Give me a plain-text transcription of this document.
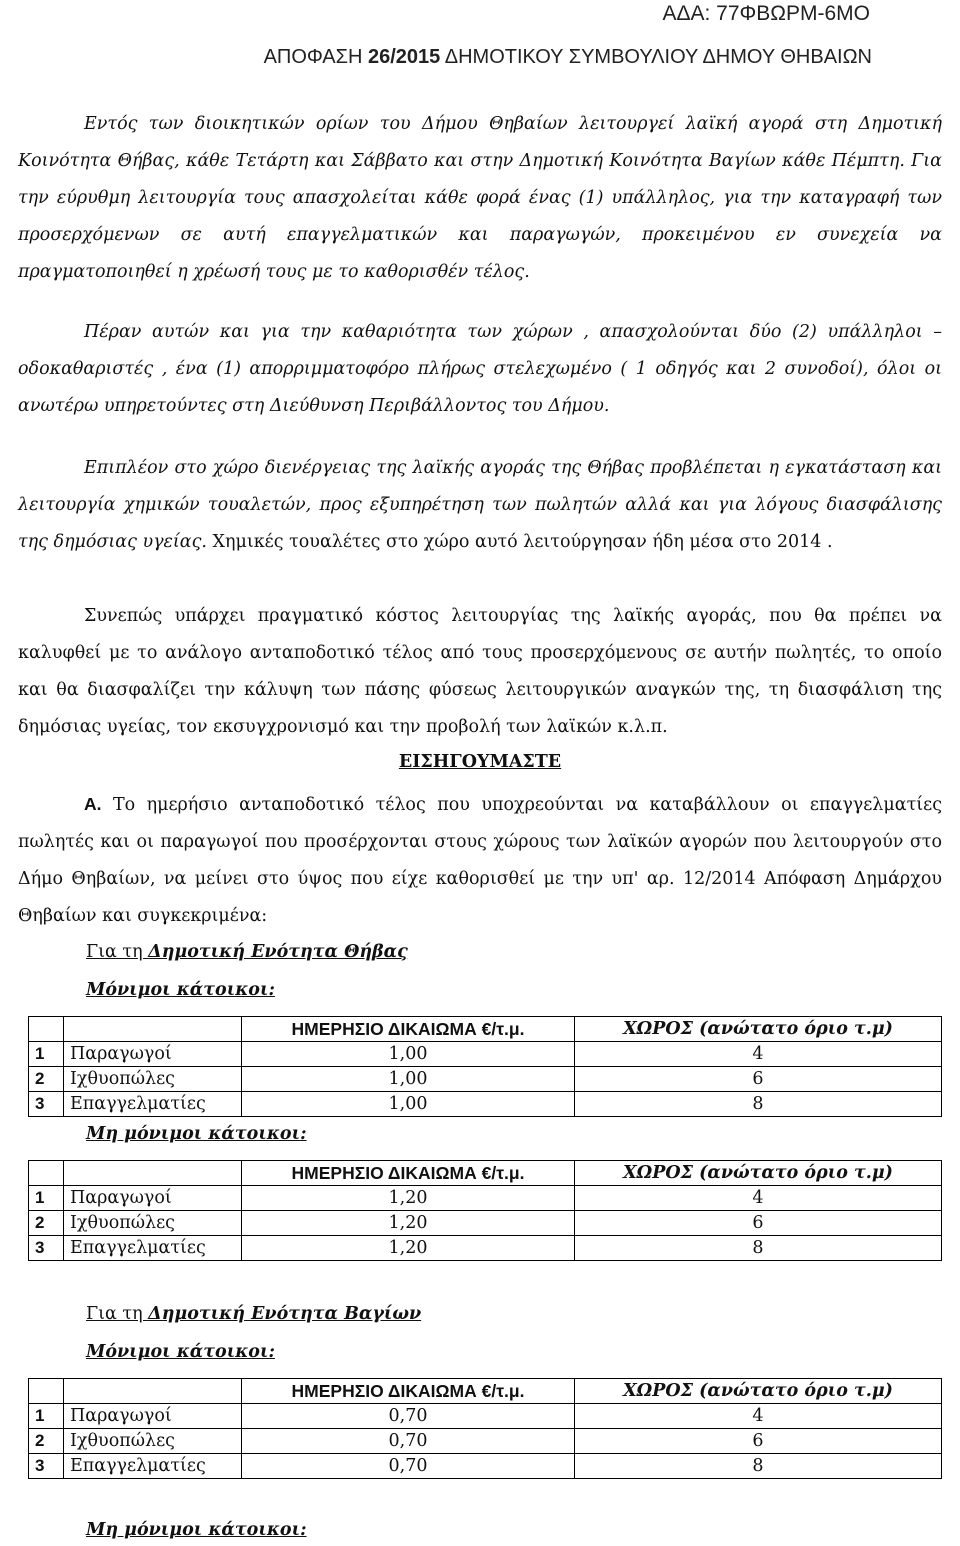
ΑΔΑ: 77ΦΒΩΡΜ-6ΜΟ
ΑΠΟΦΑΣΗ 26/2015 ΔΗΜΟΤΙΚΟΥ ΣΥΜΒΟΥΛΙΟΥ ΔΗΜΟΥ ΘΗΒΑΙΩΝ
Εντός των διοικητικών ορίων του Δήμου Θηβαίων λειτουργεί λαϊκή αγορά στη Δημοτική Κοινότητα Θήβας, κάθε Τετάρτη και Σάββατο και στην Δημοτική Κοινότητα Βαγίων κάθε Πέμπτη. Για την εύρυθμη λειτουργία τους απασχολείται κάθε φορά ένας (1) υπάλληλος, για την καταγραφή των προσερχόμενων σε αυτή επαγγελματικών και παραγωγών, προκειμένου εν συνεχεία να πραγματοποιηθεί η χρέωσή τους με το καθορισθέν τέλος.
Πέραν αυτών και για την καθαριότητα των χώρων , απασχολούνται δύο (2) υπάλληλοι – οδοκαθαριστές , ένα (1) απορριμματοφόρο πλήρως στελεχωμένο ( 1 οδηγός και 2 συνοδοί), όλοι οι ανωτέρω υπηρετούντες στη Διεύθυνση Περιβάλλοντος του Δήμου.
Επιπλέον στο χώρο διενέργειας της λαϊκής αγοράς της Θήβας προβλέπεται η εγκατάσταση και λειτουργία χημικών τουαλετών, προς εξυπηρέτηση των πωλητών αλλά και για λόγους διασφάλισης της δημόσιας υγείας. Χημικές τουαλέτες στο χώρο αυτό λειτούργησαν ήδη μέσα στο 2014 .
Συνεπώς υπάρχει πραγματικό κόστος λειτουργίας της λαϊκής αγοράς, που θα πρέπει να καλυφθεί με το ανάλογο ανταποδοτικό τέλος από τους προσερχόμενους σε αυτήν πωλητές, το οποίο και θα διασφαλίζει την κάλυψη των πάσης φύσεως λειτουργικών αναγκών της, τη διασφάλιση της δημόσιας υγείας, τον εκσυγχρονισμό και την προβολή των λαϊκών κ.λ.π.
ΕΙΣΗΓΟΥΜΑΣΤΕ
Α. Το ημερήσιο ανταποδοτικό τέλος που υποχρεούνται να καταβάλλουν οι επαγγελματίες πωλητές και οι παραγωγοί που προσέρχονται στους χώρους των λαϊκών αγορών που λειτουργούν στο Δήμο Θηβαίων, να μείνει στο ύψος που είχε καθορισθεί με την υπ' αρ. 12/2014 Απόφαση Δημάρχου Θηβαίων και συγκεκριμένα:
Για τη Δημοτική Ενότητα Θήβας
Μόνιμοι κάτοικοι:
		ΗΜΕΡΗΣΙΟ ΔΙΚΑΙΩΜΑ €/τ.μ.	ΧΩΡΟΣ (ανώτατο όριο τ.μ)
1	Παραγωγοί	1,00	4
2	Ιχθυοπώλες	1,00	6
3	Επαγγελματίες	1,00	8
Μη μόνιμοι κάτοικοι:
		ΗΜΕΡΗΣΙΟ ΔΙΚΑΙΩΜΑ €/τ.μ.	ΧΩΡΟΣ (ανώτατο όριο τ.μ)
1	Παραγωγοί	1,20	4
2	Ιχθυοπώλες	1,20	6
3	Επαγγελματίες	1,20	8
Για τη Δημοτική Ενότητα Βαγίων
Μόνιμοι κάτοικοι:
		ΗΜΕΡΗΣΙΟ ΔΙΚΑΙΩΜΑ €/τ.μ.	ΧΩΡΟΣ (ανώτατο όριο τ.μ)
1	Παραγωγοί	0,70	4
2	Ιχθυοπώλες	0,70	6
3	Επαγγελματίες	0,70	8
Μη μόνιμοι κάτοικοι:
